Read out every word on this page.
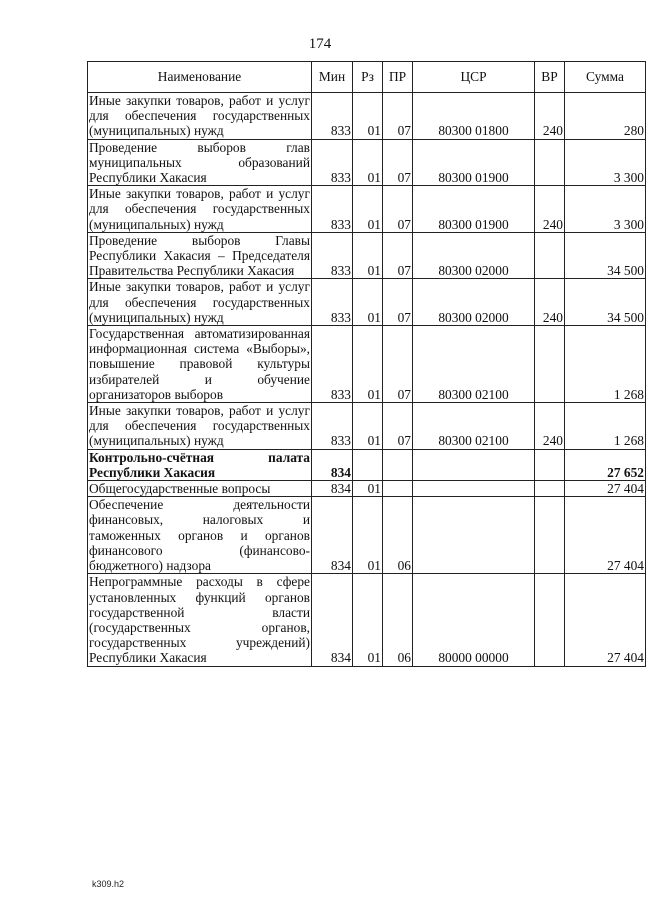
174
Наименование	Мин	Рз	ПР	ЦСР	ВР	Сумма
Иные закупки товаров, работ и услуг для обеспечения государственных (муниципальных) нужд	833	01	07	80300 01800	240	280
Проведение выборов глав муниципальных образований Республики Хакасия	833	01	07	80300 01900		3 300
Иные закупки товаров, работ и услуг для обеспечения государственных (муниципальных) нужд	833	01	07	80300 01900	240	3 300
Проведение выборов Главы Республики Хакасия – Председателя Правительства Республики Хакасия	833	01	07	80300 02000		34 500
Иные закупки товаров, работ и услуг для обеспечения государственных (муниципальных) нужд	833	01	07	80300 02000	240	34 500
Государственная автоматизированная информационная система «Выборы», повышение правовой культуры избирателей и обучение организаторов выборов	833	01	07	80300 02100		1 268
Иные закупки товаров, работ и услуг для обеспечения государственных (муниципальных) нужд	833	01	07	80300 02100	240	1 268
Контрольно-счётная палата Республики Хакасия	834					27 652
Общегосударственные вопросы	834	01				27 404
Обеспечение деятельности финансовых, налоговых и таможенных органов и органов финансового (финансово-бюджетного) надзора	834	01	06			27 404
Непрограммные расходы в сфере установленных функций органов государственной власти (государственных органов, государственных учреждений) Республики Хакасия	834	01	06	80000 00000		27 404
k309.h2
